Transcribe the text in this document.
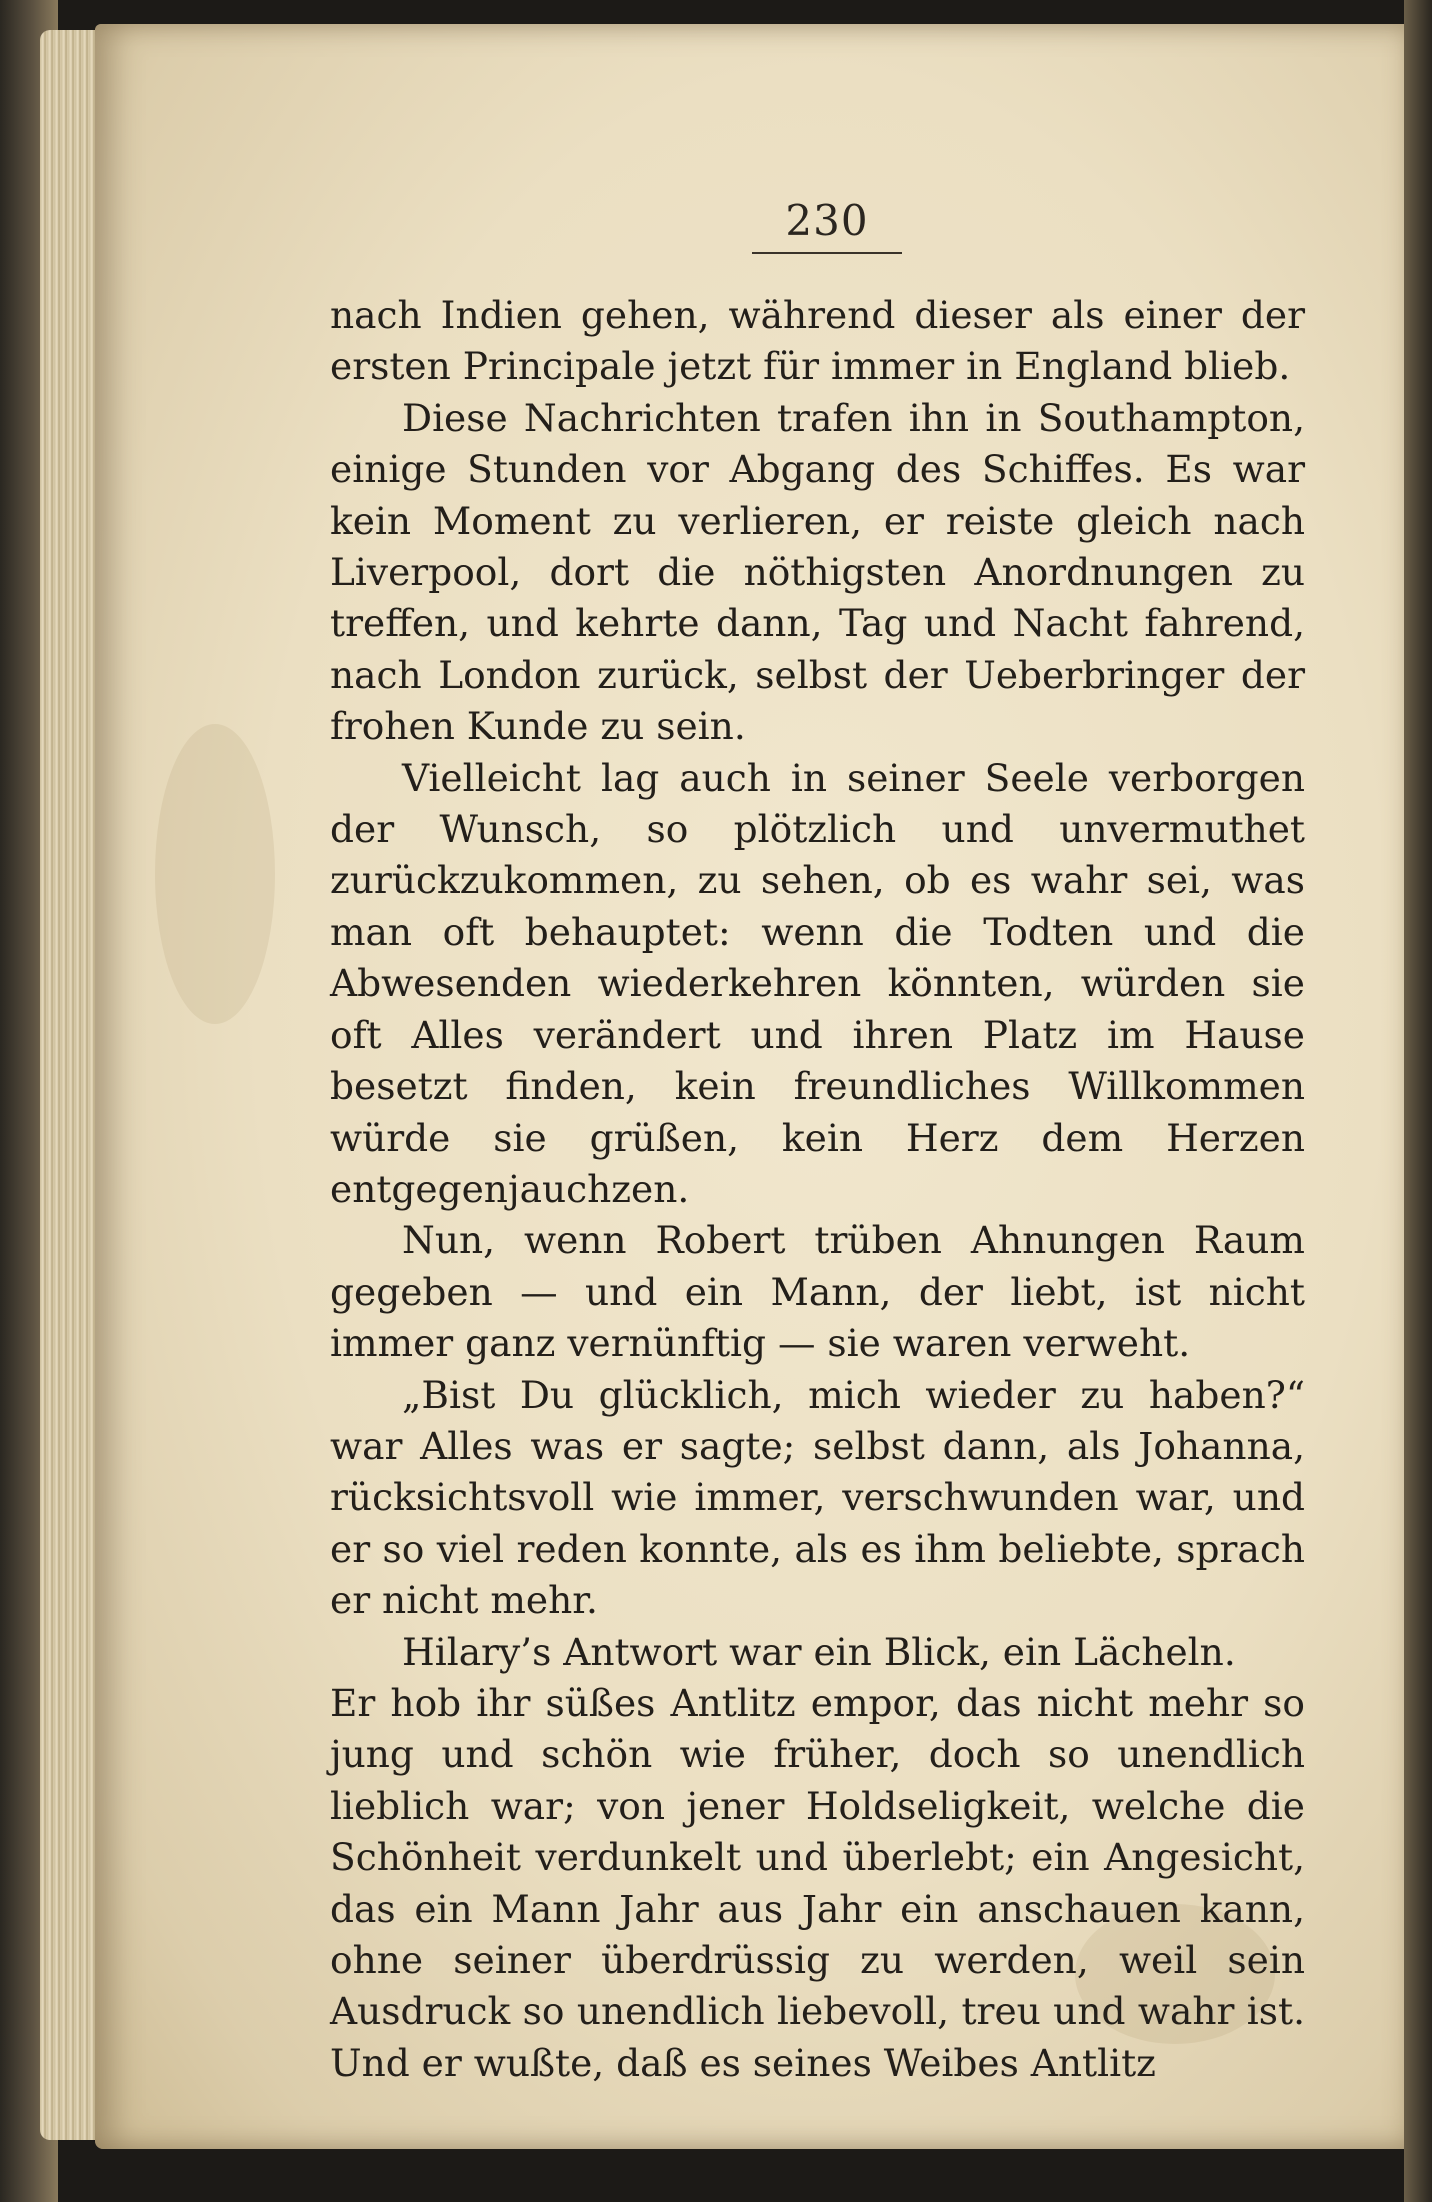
230

nach Indien gehen, während dieser als einer der ersten Principale jetzt für immer in England blieb.

Diese Nachrichten trafen ihn in Southampton, einige Stunden vor Abgang des Schiffes. Es war kein Moment zu verlieren, er reiste gleich nach Liverpool, dort die nöthigsten Anordnungen zu treffen, und kehrte dann, Tag und Nacht fahrend, nach London zurück, selbst der Ueberbringer der frohen Kunde zu sein.

Vielleicht lag auch in seiner Seele verborgen der Wunsch, so plötzlich und unvermuthet zurückzukommen, zu sehen, ob es wahr sei, was man oft behauptet: wenn die Todten und die Abwesenden wiederkehren könnten, würden sie oft Alles verändert und ihren Platz im Hause besetzt finden, kein freundliches Willkommen würde sie grüßen, kein Herz dem Herzen entgegenjauchzen.

Nun, wenn Robert trüben Ahnungen Raum gegeben — und ein Mann, der liebt, ist nicht immer ganz vernünftig — sie waren verweht.

„Bist Du glücklich, mich wieder zu haben?“ war Alles was er sagte; selbst dann, als Johanna, rücksichtsvoll wie immer, verschwunden war, und er so viel reden konnte, als es ihm beliebte, sprach er nicht mehr.

Hilary’s Antwort war ein Blick, ein Lächeln.

Er hob ihr süßes Antlitz empor, das nicht mehr so jung und schön wie früher, doch so unendlich lieblich war; von jener Holdseligkeit, welche die Schönheit verdunkelt und überlebt; ein Angesicht, das ein Mann Jahr aus Jahr ein anschauen kann, ohne seiner überdrüssig zu werden, weil sein Ausdruck so unendlich liebevoll, treu und wahr ist. Und er wußte, daß es seines Weibes Antlitz
